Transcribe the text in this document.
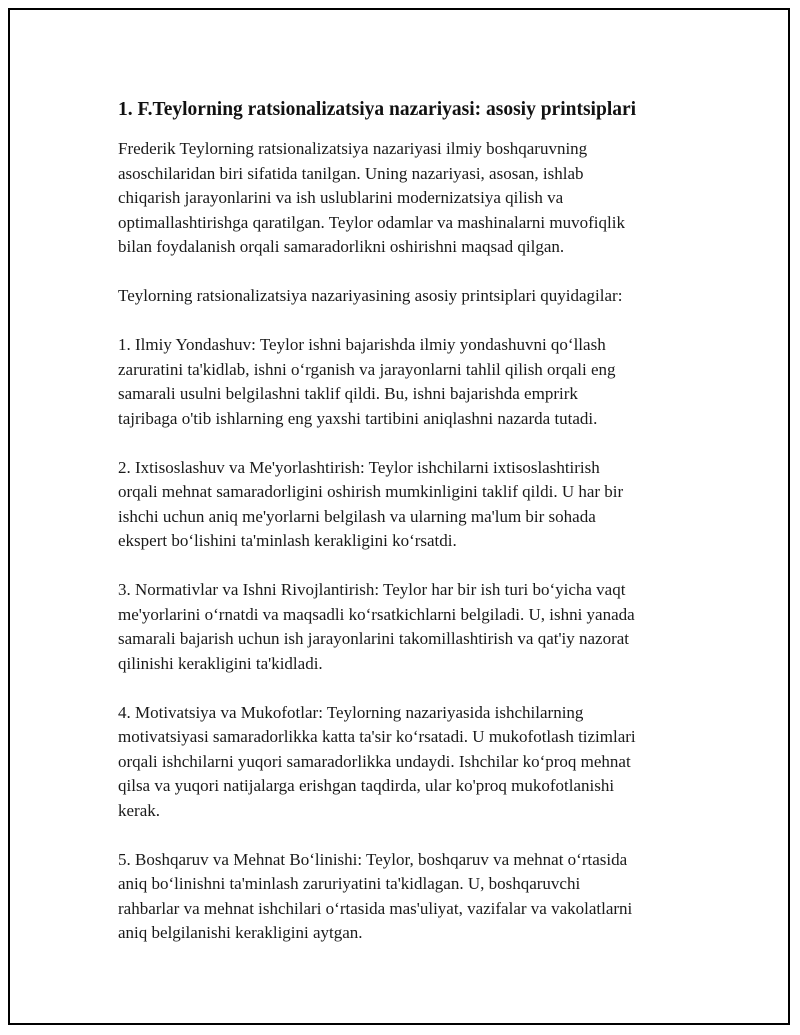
1. F.Teylorning ratsionalizatsiya nazariyasi: asosiy printsiplari

Frederik Teylorning ratsionalizatsiya nazariyasi ilmiy boshqaruvning
asoschilaridan biri sifatida tanilgan. Uning nazariyasi, asosan, ishlab
chiqarish jarayonlarini va ish uslublarini modernizatsiya qilish va
optimallashtirishga qaratilgan. Teylor odamlar va mashinalarni muvofiqlik
bilan foydalanish orqali samaradorlikni oshirishni maqsad qilgan.

Teylorning ratsionalizatsiya nazariyasining asosiy printsiplari quyidagilar:

1. Ilmiy Yondashuv: Teylor ishni bajarishda ilmiy yondashuvni qoʻllash
zaruratini ta'kidlab, ishni oʻrganish va jarayonlarni tahlil qilish orqali eng
samarali usulni belgilashni taklif qildi. Bu, ishni bajarishda emprirk
tajribaga o'tib ishlarning eng yaxshi tartibini aniqlashni nazarda tutadi.

2. Ixtisoslashuv va Me'yorlashtirish: Teylor ishchilarni ixtisoslashtirish
orqali mehnat samaradorligini oshirish mumkinligini taklif qildi. U har bir
ishchi uchun aniq me'yorlarni belgilash va ularning ma'lum bir sohada
ekspert boʻlishini ta'minlash kerakligini koʻrsatdi.

3. Normativlar va Ishni Rivojlantirish: Teylor har bir ish turi boʻyicha vaqt
me'yorlarini oʻrnatdi va maqsadli koʻrsatkichlarni belgiladi. U, ishni yanada
samarali bajarish uchun ish jarayonlarini takomillashtirish va qat'iy nazorat
qilinishi kerakligini ta'kidladi.

4. Motivatsiya va Mukofotlar: Teylorning nazariyasida ishchilarning
motivatsiyasi samaradorlikka katta ta'sir koʻrsatadi. U mukofotlash tizimlari
orqali ishchilarni yuqori samaradorlikka undaydi. Ishchilar koʻproq mehnat
qilsa va yuqori natijalarga erishgan taqdirda, ular ko'proq mukofotlanishi
kerak.

5. Boshqaruv va Mehnat Boʻlinishi: Teylor, boshqaruv va mehnat oʻrtasida
aniq boʻlinishni ta'minlash zaruriyatini ta'kidlagan. U, boshqaruvchi
rahbarlar va mehnat ishchilari oʻrtasida mas'uliyat, vazifalar va vakolatlarni
aniq belgilanishi kerakligini aytgan.
